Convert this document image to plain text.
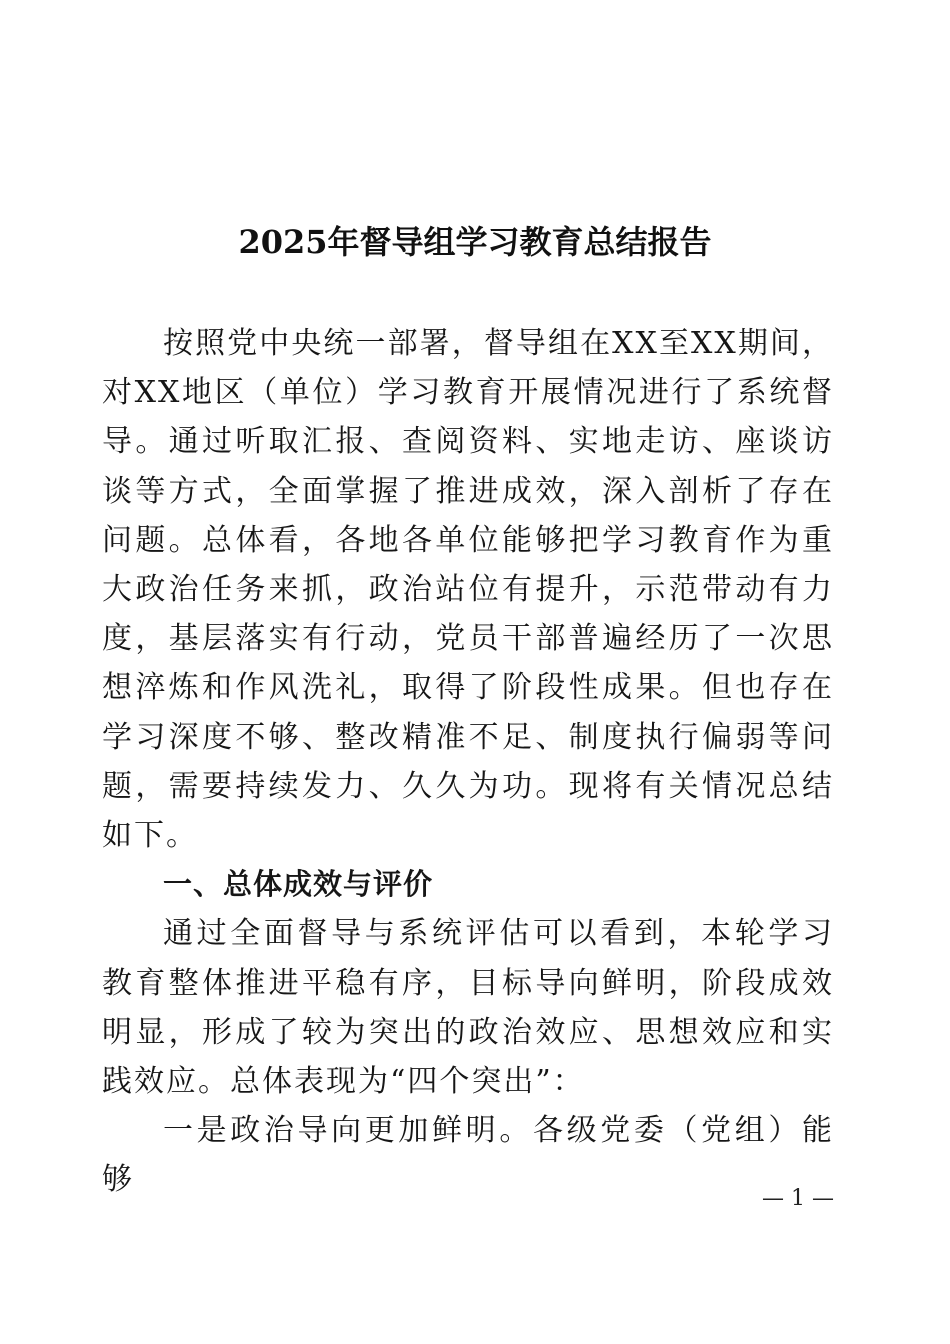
2025年督导组学习教育总结报告

按照党中央统一部署，督导组在XX至XX期间，对XX地区（单位）学习教育开展情况进行了系统督导。通过听取汇报、查阅资料、实地走访、座谈访谈等方式，全面掌握了推进成效，深入剖析了存在问题。总体看，各地各单位能够把学习教育作为重大政治任务来抓，政治站位有提升，示范带动有力度，基层落实有行动，党员干部普遍经历了一次思想淬炼和作风洗礼，取得了阶段性成果。但也存在学习深度不够、整改精准不足、制度执行偏弱等问题，需要持续发力、久久为功。现将有关情况总结如下。

一、总体成效与评价

通过全面督导与系统评估可以看到，本轮学习教育整体推进平稳有序，目标导向鲜明，阶段成效明显，形成了较为突出的政治效应、思想效应和实践效应。总体表现为“四个突出”：

一是政治导向更加鲜明。各级党委（党组）能够

— 1 —
